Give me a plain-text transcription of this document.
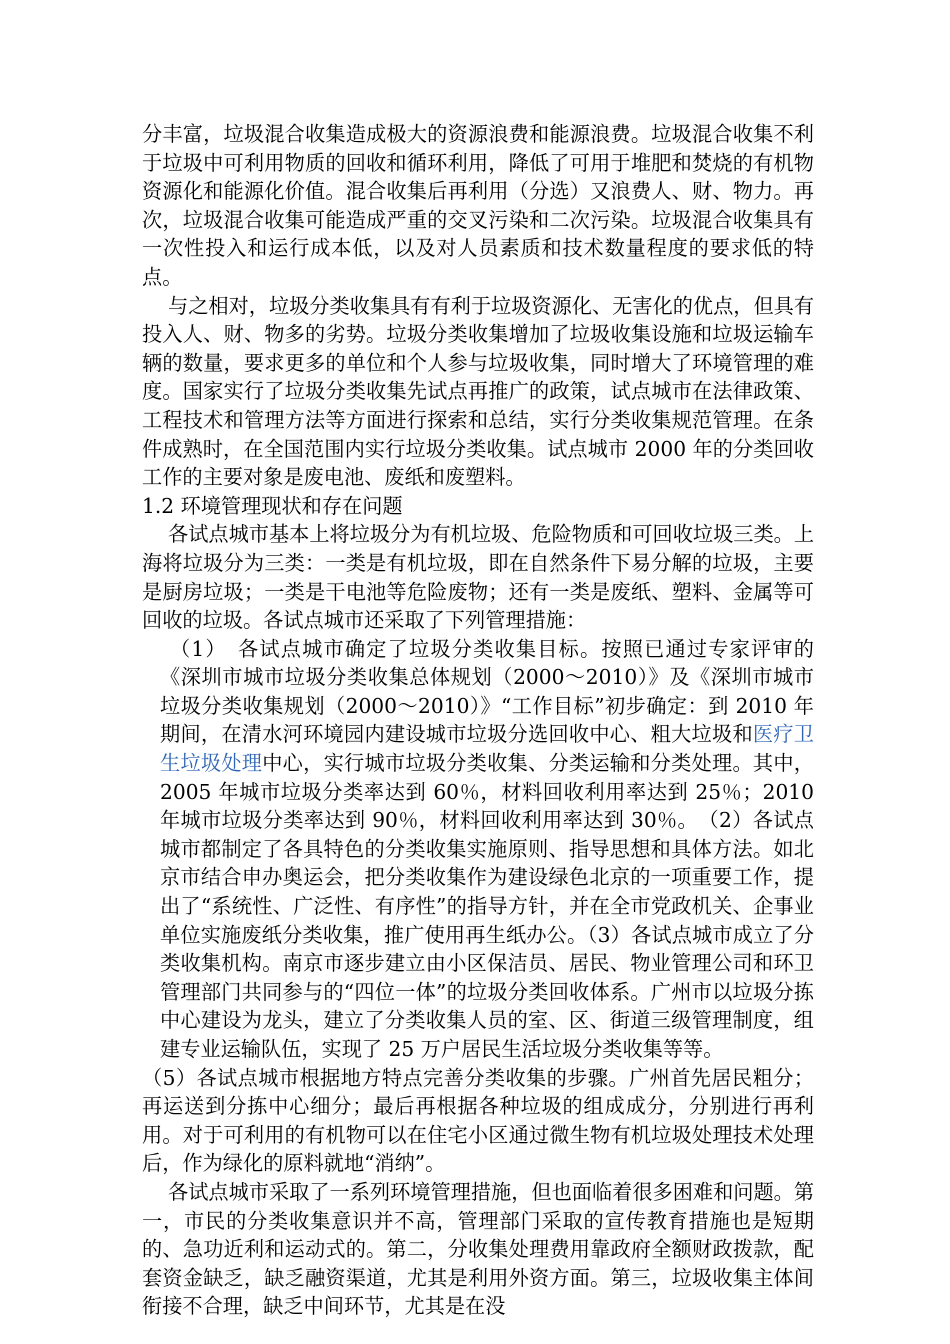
分丰富，垃圾混合收集造成极大的资源浪费和能源浪费。垃圾混合收集不利于垃圾中可利用物质的回收和循环利用，降低了可用于堆肥和焚烧的有机物资源化和能源化价值。混合收集后再利用（分选）又浪费人、财、物力。再次，垃圾混合收集可能造成严重的交叉污染和二次污染。垃圾混合收集具有一次性投入和运行成本低，以及对人员素质和技术数量程度的要求低的特点。

与之相对，垃圾分类收集具有有利于垃圾资源化、无害化的优点，但具有投入人、财、物多的劣势。垃圾分类收集增加了垃圾收集设施和垃圾运输车辆的数量，要求更多的单位和个人参与垃圾收集，同时增大了环境管理的难度。国家实行了垃圾分类收集先试点再推广的政策，试点城市在法律政策、工程技术和管理方法等方面进行探索和总结，实行分类收集规范管理。在条件成熟时，在全国范围内实行垃圾分类收集。试点城市 2000 年的分类回收工作的主要对象是废电池、废纸和废塑料。

1.2 环境管理现状和存在问题

各试点城市基本上将垃圾分为有机垃圾、危险物质和可回收垃圾三类。上海将垃圾分为三类：一类是有机垃圾，即在自然条件下易分解的垃圾，主要是厨房垃圾；一类是干电池等危险废物；还有一类是废纸、塑料、金属等可回收的垃圾。各试点城市还采取了下列管理措施：

（1）　各试点城市确定了垃圾分类收集目标。按照已通过专家评审的《深圳市城市垃圾分类收集总体规划（2000～2010）》及《深圳市城市垃圾分类收集规划（2000～2010）》“工作目标”初步确定：到 2010 年期间，在清水河环境园内建设城市垃圾分选回收中心、粗大垃圾和医疗卫生垃圾处理中心，实行城市垃圾分类收集、分类运输和分类处理。其中，2005 年城市垃圾分类率达到 60％，材料回收利用率达到 25％；2010 年城市垃圾分类率达到 90％，材料回收利用率达到 30％。　（2）各试点城市都制定了各具特色的分类收集实施原则、指导思想和具体方法。如北京市结合申办奥运会，把分类收集作为建设绿色北京的一项重要工作，提出了“系统性、广泛性、有序性”的指导方针，并在全市党政机关、企事业单位实施废纸分类收集，推广使用再生纸办公。（3）各试点城市成立了分类收集机构。南京市逐步建立由小区保洁员、居民、物业管理公司和环卫管理部门共同参与的“四位一体”的垃圾分类回收体系。广州市以垃圾分拣中心建设为龙头，建立了分类收集人员的室、区、街道三级管理制度，组建专业运输队伍，实现了 25 万户居民生活垃圾分类收集等等。

（5）各试点城市根据地方特点完善分类收集的步骤。广州首先居民粗分；再运送到分拣中心细分；最后再根据各种垃圾的组成成分，分别进行再利用。对于可利用的有机物可以在住宅小区通过微生物有机垃圾处理技术处理后，作为绿化的原料就地“消纳”。

各试点城市采取了一系列环境管理措施，但也面临着很多困难和问题。第一，市民的分类收集意识并不高，管理部门采取的宣传教育措施也是短期的、急功近利和运动式的。第二，分收集处理费用靠政府全额财政拨款，配套资金缺乏，缺乏融资渠道，尤其是利用外资方面。第三，垃圾收集主体间衔接不合理，缺乏中间环节，尤其是在没
